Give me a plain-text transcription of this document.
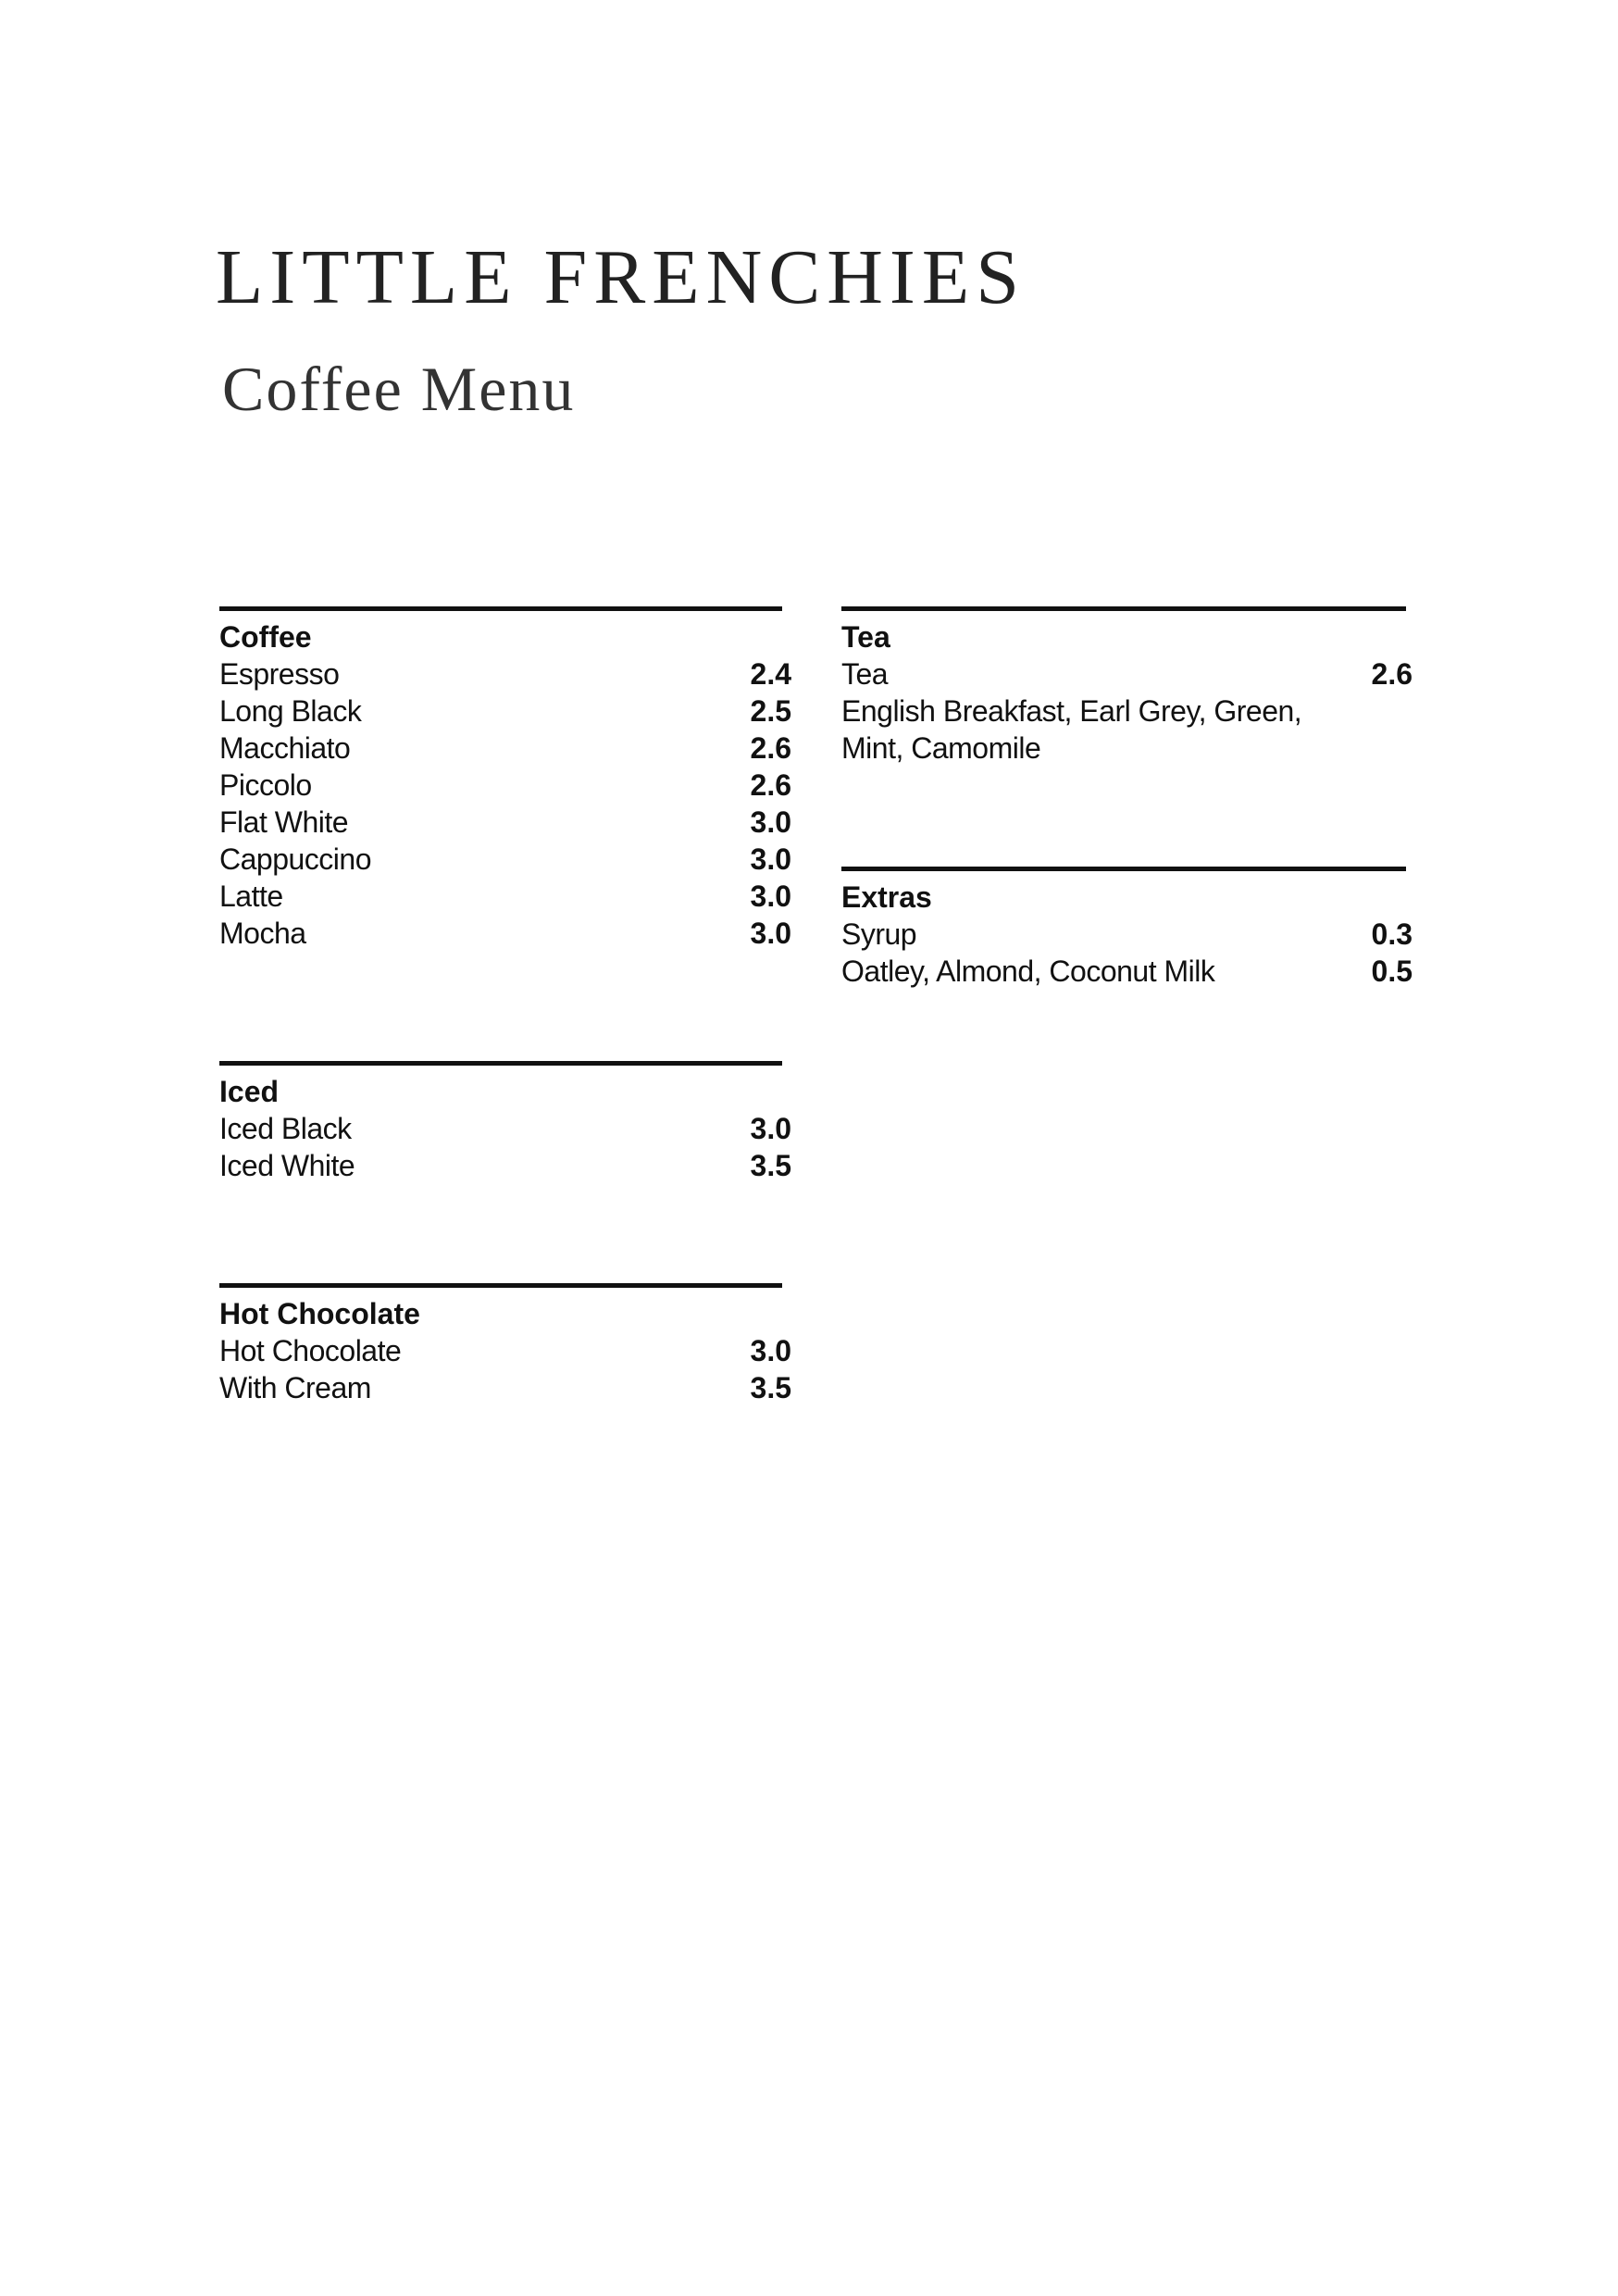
LITTLE FRENCHIES
Coffee Menu
Coffee
Espresso	2.4
Long Black	2.5
Macchiato	2.6
Piccolo	2.6
Flat White	3.0
Cappuccino	3.0
Latte	3.0
Mocha	3.0
Iced
Iced Black	3.0
Iced White	3.5
Hot Chocolate
Hot Chocolate	3.0
With Cream	3.5
Tea
Tea	2.6
English Breakfast, Earl Grey, Green, Mint, Camomile
Extras
Syrup	0.3
Oatley, Almond, Coconut Milk	0.5
